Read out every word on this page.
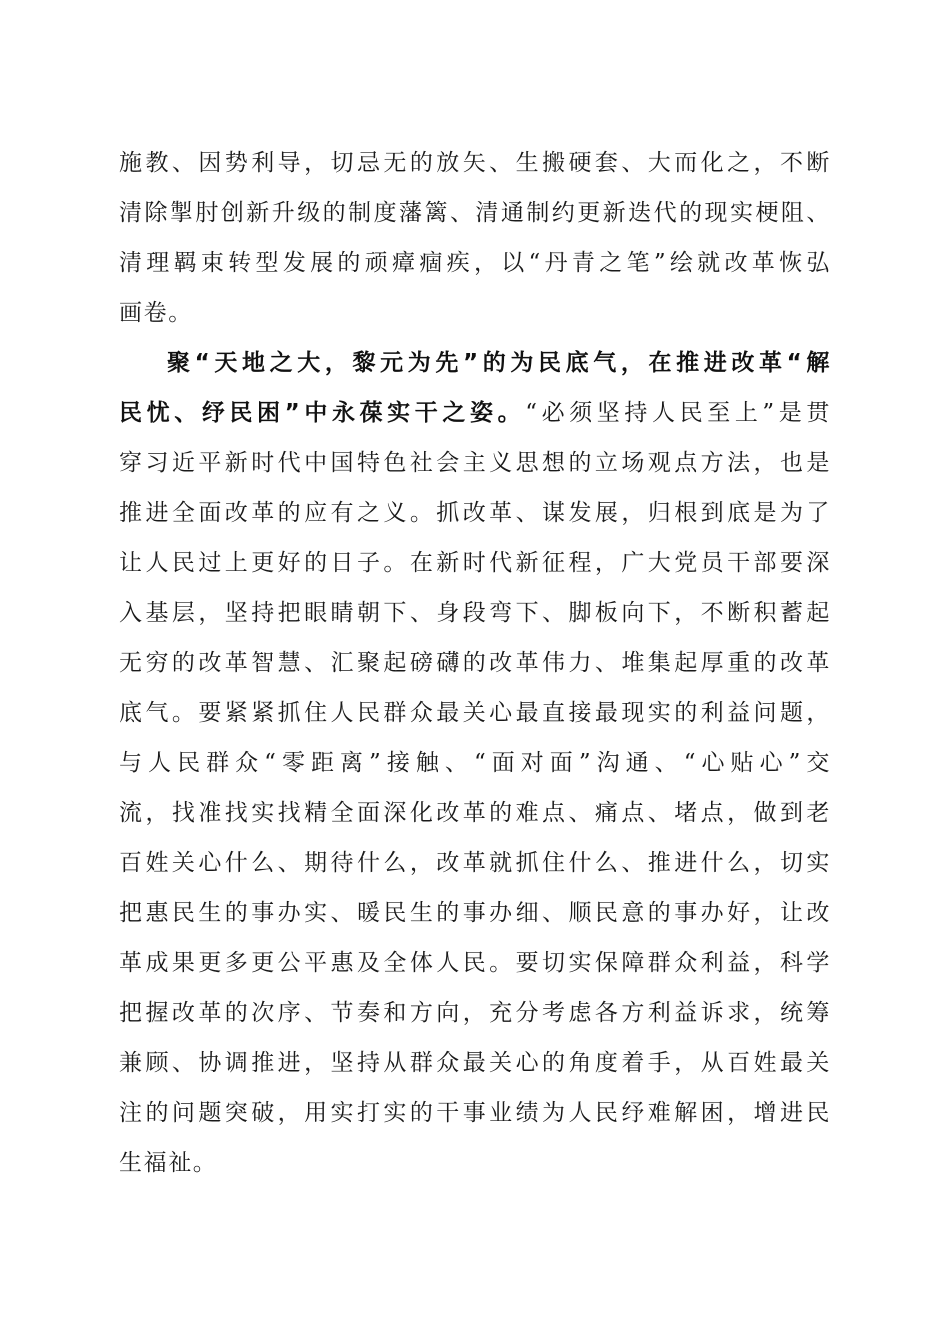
施教、因势利导，切忌无的放矢、生搬硬套、大而化之，不断
清除掣肘创新升级的制度藩篱、清通制约更新迭代的现实梗阻、
清理羁束转型发展的顽瘴痼疾，以“丹青之笔”绘就改革恢弘
画卷。
聚“天地之大，黎元为先”的为民底气，在推进改革“解
民忧、纾民困”中永葆实干之姿。“必须坚持人民至上”是贯
穿习近平新时代中国特色社会主义思想的立场观点方法，也是
推进全面改革的应有之义。抓改革、谋发展，归根到底是为了
让人民过上更好的日子。在新时代新征程，广大党员干部要深
入基层，坚持把眼睛朝下、身段弯下、脚板向下，不断积蓄起
无穷的改革智慧、汇聚起磅礴的改革伟力、堆集起厚重的改革
底气。要紧紧抓住人民群众最关心最直接最现实的利益问题，
与人民群众“零距离”接触、“面对面”沟通、“心贴心”交
流，找准找实找精全面深化改革的难点、痛点、堵点，做到老
百姓关心什么、期待什么，改革就抓住什么、推进什么，切实
把惠民生的事办实、暖民生的事办细、顺民意的事办好，让改
革成果更多更公平惠及全体人民。要切实保障群众利益，科学
把握改革的次序、节奏和方向，充分考虑各方利益诉求，统筹
兼顾、协调推进，坚持从群众最关心的角度着手，从百姓最关
注的问题突破，用实打实的干事业绩为人民纾难解困，增进民
生福祉。
